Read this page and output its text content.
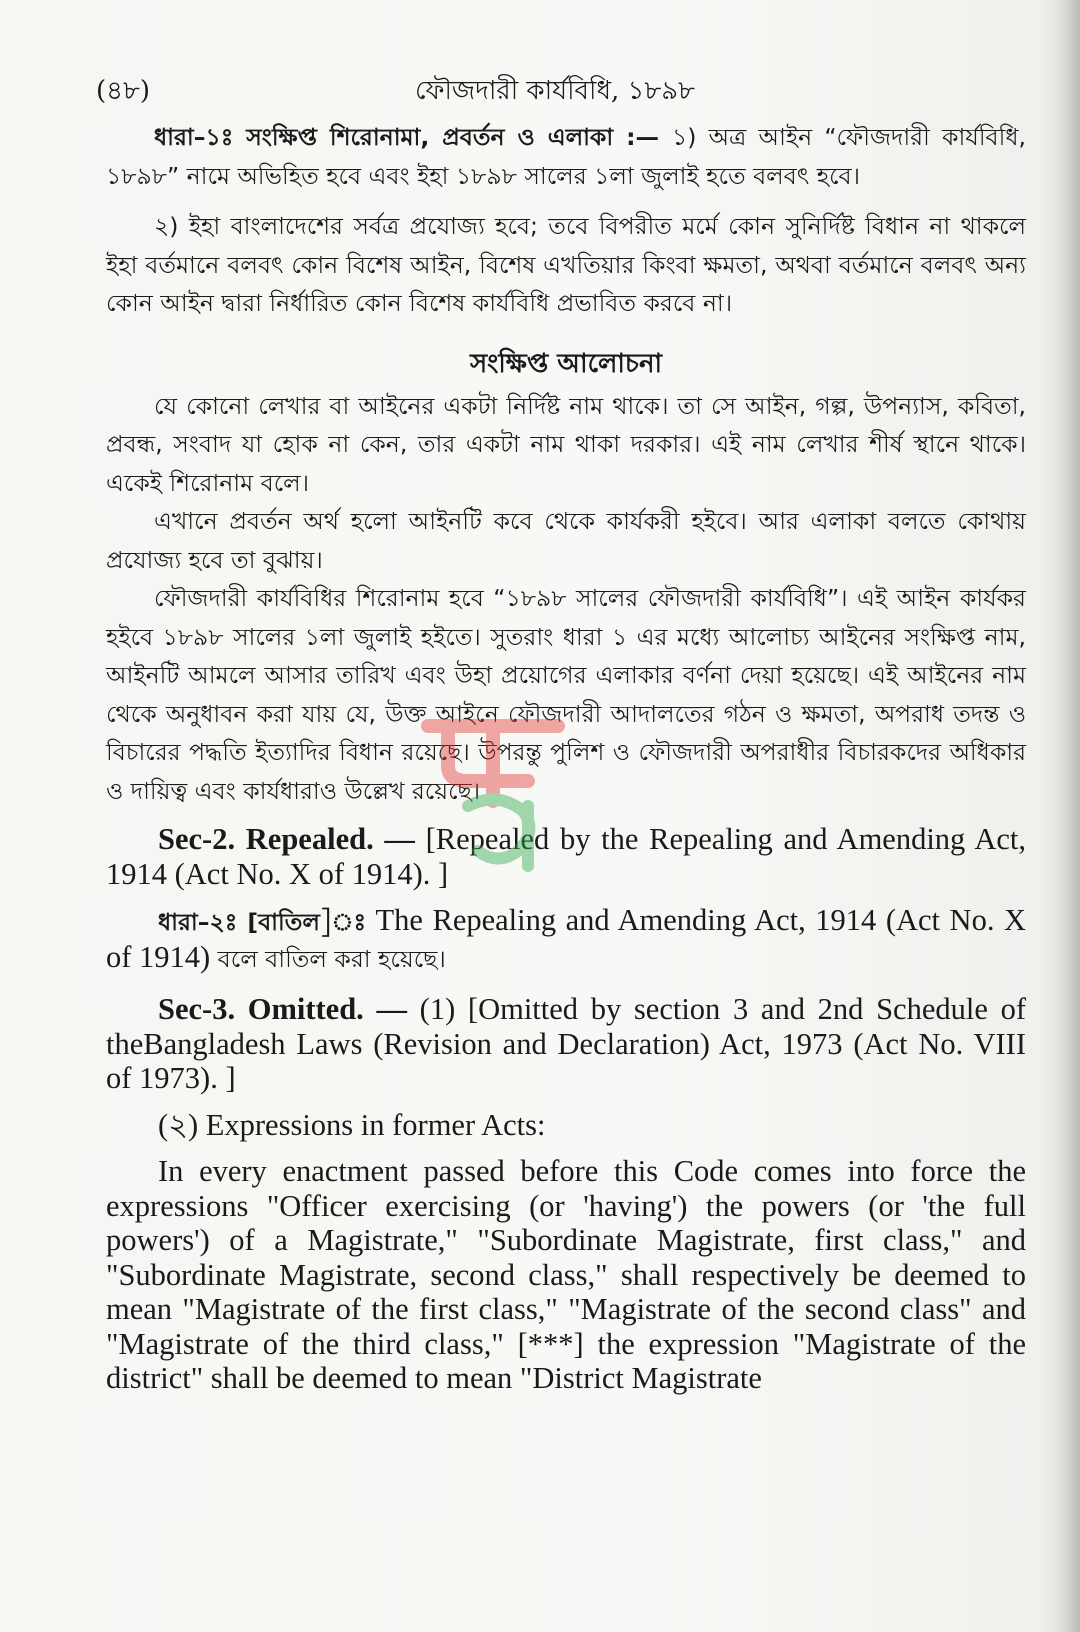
(৪৮)	ফৌজদারী কার্যবিধি, ১৮৯৮

ধারা–১ঃ সংক্ষিপ্ত শিরোনামা, প্রবর্তন ও এলাকা :— ১) অত্র আইন “ফৌজদারী কার্যবিধি, ১৮৯৮” নামে অভিহিত হবে এবং ইহা ১৮৯৮ সালের ১লা জুলাই হতে বলবৎ হবে।

২) ইহা বাংলাদেশের সর্বত্র প্রযোজ্য হবে; তবে বিপরীত মর্মে কোন সুনির্দিষ্ট বিধান না থাকলে ইহা বর্তমানে বলবৎ কোন বিশেষ আইন, বিশেষ এখতিয়ার কিংবা ক্ষমতা, অথবা বর্তমানে বলবৎ অন্য কোন আইন দ্বারা নির্ধারিত কোন বিশেষ কার্যবিধি প্রভাবিত করবে না।

সংক্ষিপ্ত আলোচনা

যে কোনো লেখার বা আইনের একটা নির্দিষ্ট নাম থাকে। তা সে আইন, গল্প, উপন্যাস, কবিতা, প্রবন্ধ, সংবাদ যা হোক না কেন, তার একটা নাম থাকা দরকার। এই নাম লেখার শীর্ষ স্থানে থাকে। একেই শিরোনাম বলে।

এখানে প্রবর্তন অর্থ হলো আইনটি কবে থেকে কার্যকরী হইবে। আর এলাকা বলতে কোথায় প্রযোজ্য হবে তা বুঝায়।

ফৌজদারী কার্যবিধির শিরোনাম হবে “১৮৯৮ সালের ফৌজদারী কার্যবিধি”। এই আইন কার্যকর হইবে ১৮৯৮ সালের ১লা জুলাই হইতে। সুতরাং ধারা ১ এর মধ্যে আলোচ্য আইনের সংক্ষিপ্ত নাম, আইনটি আমলে আসার তারিখ এবং উহা প্রয়োগের এলাকার বর্ণনা দেয়া হয়েছে। এই আইনের নাম থেকে অনুধাবন করা যায় যে, উক্ত আইনে ফৌজদারী আদালতের গঠন ও ক্ষমতা, অপরাধ তদন্ত ও বিচারের পদ্ধতি ইত্যাদির বিধান রয়েছে। উপরন্তু পুলিশ ও ফৌজদারী অপরাধীর বিচারকদের অধিকার ও দায়িত্ব এবং কার্যধারাও উল্লেখ রয়েছে।

Sec-2. Repealed. — [Repealed by the Repealing and Amending Act, 1914 (Act No. X of 1914). ]

ধারা–২ঃ [বাতিল]ঃ The Repealing and Amending Act, 1914 (Act No. X of 1914) বলে বাতিল করা হয়েছে।

Sec-3. Omitted. — (1) [Omitted by section 3 and 2nd Schedule of theBangladesh Laws (Revision and Declaration) Act, 1973 (Act No. VIII of 1973). ]

(২) Expressions in former Acts:

In every enactment passed before this Code comes into force the expressions "Officer exercising (or 'having') the powers (or 'the full powers') of a Magistrate," "Subordinate Magistrate, first class," and "Subordinate Magistrate, second class," shall respectively be deemed to mean "Magistrate of the first class," "Magistrate of the second class" and "Magistrate of the third class," [***] the expression "Magistrate of the district" shall be deemed to mean "District Magistrate
